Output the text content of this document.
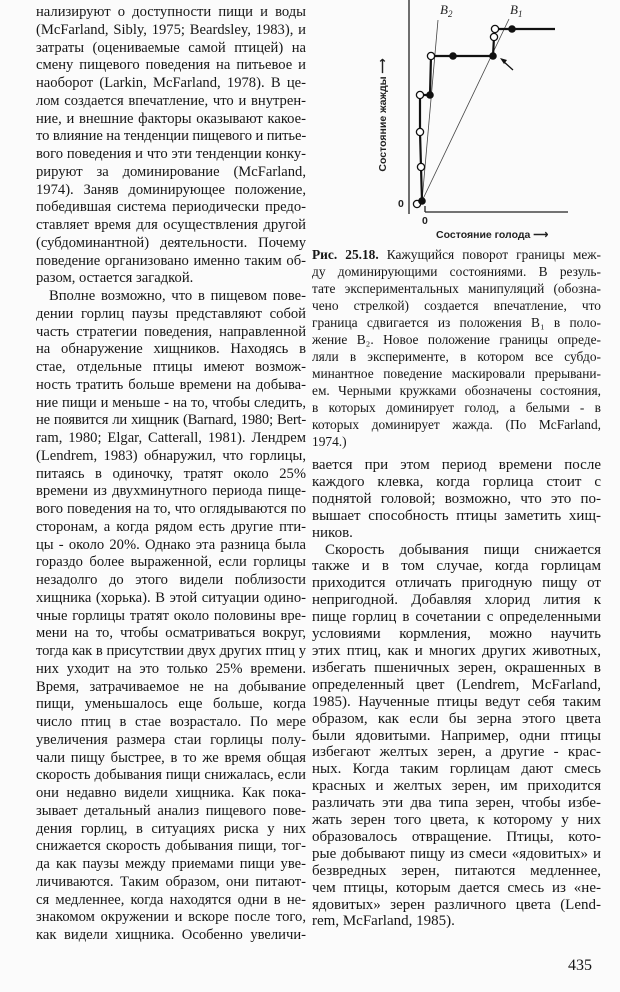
нализируют о доступности пищи и воды
(McFarland, Sibly, 1975; Beardsley, 1983), и
затраты (оцениваемые самой птицей) на
смену пищевого поведения на питьевое и
наоборот (Larkin, McFarland, 1978). В це-
лом создается впечатление, что и внутрен-
ние, и внешние факторы оказывают какое-
то влияние на тенденции пищевого и питье-
вого поведения и что эти тенденции конку-
рируют за доминирование (McFarland,
1974). Заняв доминирующее положение,
победившая система периодически предо-
ставляет время для осуществления другой
(субдоминантной) деятельности. Почему
поведение организовано именно таким об-
разом, остается загадкой.
Вполне возможно, что в пищевом пове-
дении горлиц паузы представляют собой
часть стратегии поведения, направленной
на обнаружение хищников. Находясь в
стае, отдельные птицы имеют возмож-
ность тратить больше времени на добыва-
ние пищи и меньше - на то, чтобы следить,
не появится ли хищник (Barnard, 1980; Bert-
ram, 1980; Elgar, Catterall, 1981). Лендрем
(Lendrem, 1983) обнаружил, что горлицы,
питаясь в одиночку, тратят около 25%
времени из двухминутного периода пище-
вого поведения на то, что оглядываются по
сторонам, а когда рядом есть другие пти-
цы - около 20%. Однако эта разница была
гораздо более выраженной, если горлицы
незадолго до этого видели поблизости
хищника (хорька). В этой ситуации одино-
чные горлицы тратят около половины вре-
мени на то, чтобы осматриваться вокруг,
тогда как в присутствии двух других птиц у
них уходит на это только 25% времени.
Время, затрачиваемое не на добывание
пищи, уменьшалось еще больше, когда
число птиц в стае возрастало. По мере
увеличения размера стаи горлицы полу-
чали пищу быстрее, в то же время общая
скорость добывания пищи снижалась, если
они недавно видели хищника. Как пока-
зывает детальный анализ пищевого пове-
дения горлиц, в ситуациях риска у них
снижается скорость добывания пищи, тог-
да как паузы между приемами пищи уве-
личиваются. Таким образом, они питают-
ся медленнее, когда находятся одни в не-
знакомом окружении и вскоре после того,
как видели хищника. Особенно увеличи-
$B_2$	$B_1$
0
0
Состояние жажды ⟶
Состояние голода ⟶
Рис. 25.18. Кажущийся поворот границы меж-
ду доминирующими состояниями. В резуль-
тате экспериментальных манипуляций (обозна-
чено стрелкой) создается впечатление, что
граница сдвигается из положения B₁ в поло-
жение B₂. Новое положение границы опреде-
ляли в эксперименте, в котором все субдо-
минантное поведение маскировали прерывани-
ем. Черными кружками обозначены состояния,
в которых доминирует голод, а белыми - в
которых доминирует жажда. (По McFarland,
1974.)
вается при этом период времени после
каждого клевка, когда горлица стоит с
поднятой головой; возможно, что это по-
вышает способность птицы заметить хищ-
ников.
Скорость добывания пищи снижается
также и в том случае, когда горлицам
приходится отличать пригодную пищу от
непригодной. Добавляя хлорид лития к
пище горлиц в сочетании с определенными
условиями кормления, можно научить
этих птиц, как и многих других животных,
избегать пшеничных зерен, окрашенных в
определенный цвет (Lendrem, McFarland,
1985). Наученные птицы ведут себя таким
образом, как если бы зерна этого цвета
были ядовитыми. Например, одни птицы
избегают желтых зерен, а другие - крас-
ных. Когда таким горлицам дают смесь
красных и желтых зерен, им приходится
различать эти два типа зерен, чтобы избе-
жать зерен того цвета, к которому у них
образовалось отвращение. Птицы, кото-
рые добывают пищу из смеси «ядовитых» и
безвредных зерен, питаются медленнее,
чем птицы, которым дается смесь из «не-
ядовитых» зерен различного цвета (Lend-
rem, McFarland, 1985).
435
